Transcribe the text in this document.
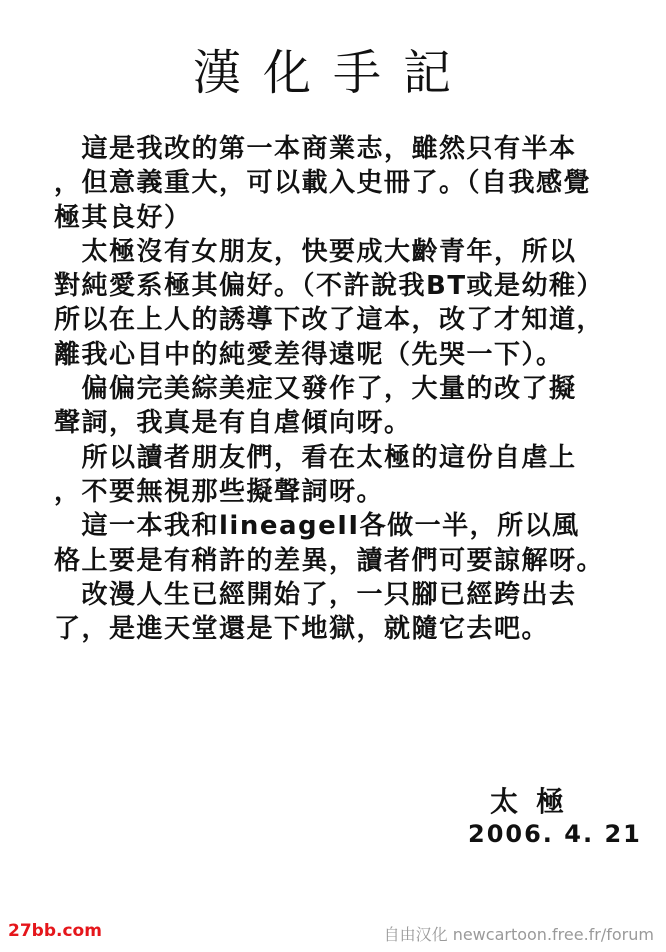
漢化手記
　這是我改的第一本商業志，雖然只有半本
，但意義重大，可以載入史冊了。（自我感覺
極其良好）
　太極沒有女朋友，快要成大齡青年，所以
對純愛系極其偏好。（不許說我BT或是幼稚）
所以在上人的誘導下改了這本，改了才知道，
離我心目中的純愛差得遠呢（先哭一下）。
　偏偏完美綜美症又發作了，大量的改了擬
聲詞，我真是有自虐傾向呀。
　所以讀者朋友們，看在太極的這份自虐上
，不要無視那些擬聲詞呀。
　這一本我和lineageII各做一半，所以風
格上要是有稍許的差異，讀者們可要諒解呀。
　改漫人生已經開始了，一只腳已經跨出去
了，是進天堂還是下地獄，就隨它去吧。
太極
2006. 4. 21
27bb.com	自由汉化 newcartoon.free.fr/forum
